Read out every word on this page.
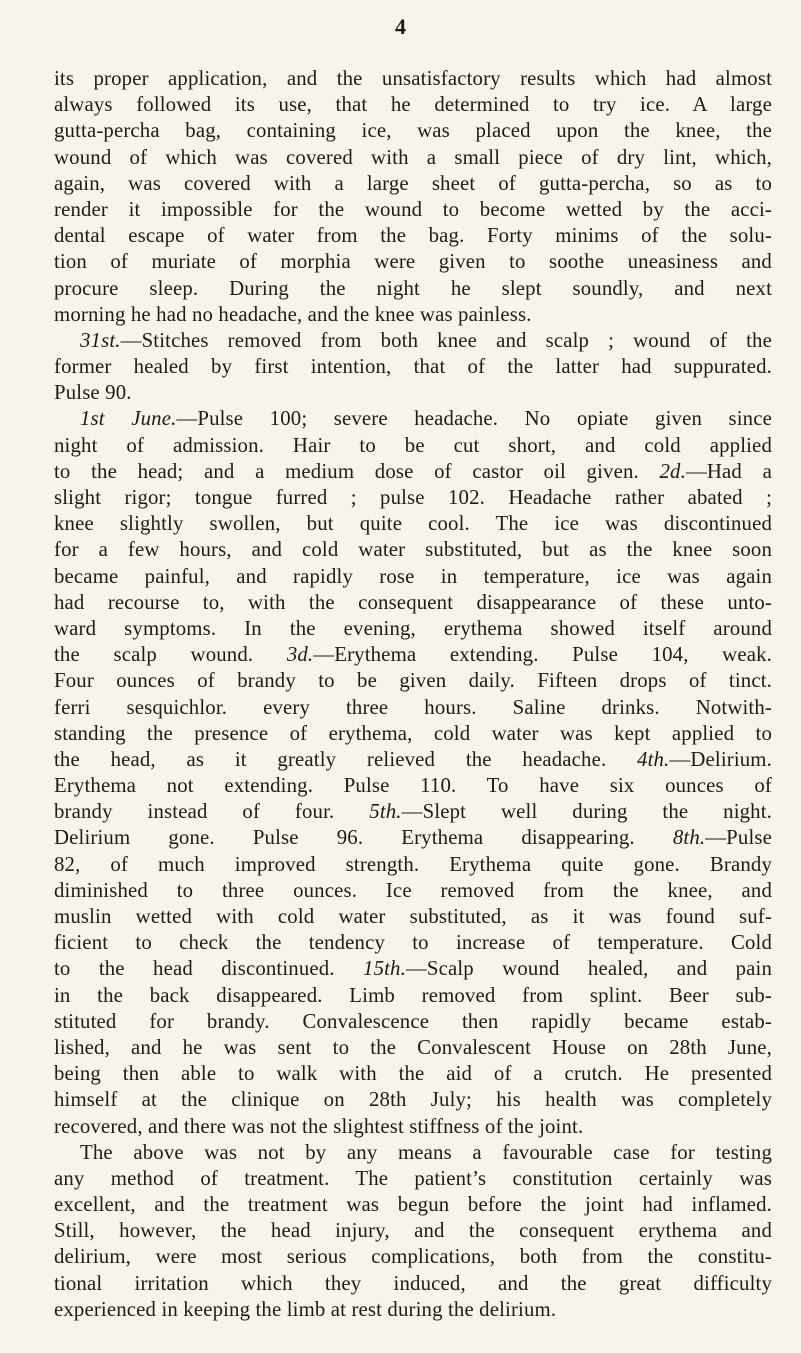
4
its proper application, and the unsatisfactory results which had almost
always followed its use, that he determined to try ice. A large
gutta-percha bag, containing ice, was placed upon the knee, the
wound of which was covered with a small piece of dry lint, which,
again, was covered with a large sheet of gutta-percha, so as to
render it impossible for the wound to become wetted by the acci-
dental escape of water from the bag. Forty minims of the solu-
tion of muriate of morphia were given to soothe uneasiness and
procure sleep. During the night he slept soundly, and next
morning he had no headache, and the knee was painless.
31st.—Stitches removed from both knee and scalp ; wound of the
former healed by first intention, that of the latter had suppurated.
Pulse 90.
1st June.—Pulse 100; severe headache. No opiate given since
night of admission. Hair to be cut short, and cold applied
to the head; and a medium dose of castor oil given. 2d.—Had a
slight rigor; tongue furred ; pulse 102. Headache rather abated ;
knee slightly swollen, but quite cool. The ice was discontinued
for a few hours, and cold water substituted, but as the knee soon
became painful, and rapidly rose in temperature, ice was again
had recourse to, with the consequent disappearance of these unto-
ward symptoms. In the evening, erythema showed itself around
the scalp wound. 3d.—Erythema extending. Pulse 104, weak.
Four ounces of brandy to be given daily. Fifteen drops of tinct.
ferri sesquichlor. every three hours. Saline drinks. Notwith-
standing the presence of erythema, cold water was kept applied to
the head, as it greatly relieved the headache. 4th.—Delirium.
Erythema not extending. Pulse 110. To have six ounces of
brandy instead of four. 5th.—Slept well during the night.
Delirium gone. Pulse 96. Erythema disappearing. 8th.—Pulse
82, of much improved strength. Erythema quite gone. Brandy
diminished to three ounces. Ice removed from the knee, and
muslin wetted with cold water substituted, as it was found suf-
ficient to check the tendency to increase of temperature. Cold
to the head discontinued. 15th.—Scalp wound healed, and pain
in the back disappeared. Limb removed from splint. Beer sub-
stituted for brandy. Convalescence then rapidly became estab-
lished, and he was sent to the Convalescent House on 28th June,
being then able to walk with the aid of a crutch. He presented
himself at the clinique on 28th July; his health was completely
recovered, and there was not the slightest stiffness of the joint.
The above was not by any means a favourable case for testing
any method of treatment. The patient’s constitution certainly was
excellent, and the treatment was begun before the joint had inflamed.
Still, however, the head injury, and the consequent erythema and
delirium, were most serious complications, both from the constitu-
tional irritation which they induced, and the great difficulty
experienced in keeping the limb at rest during the delirium.
